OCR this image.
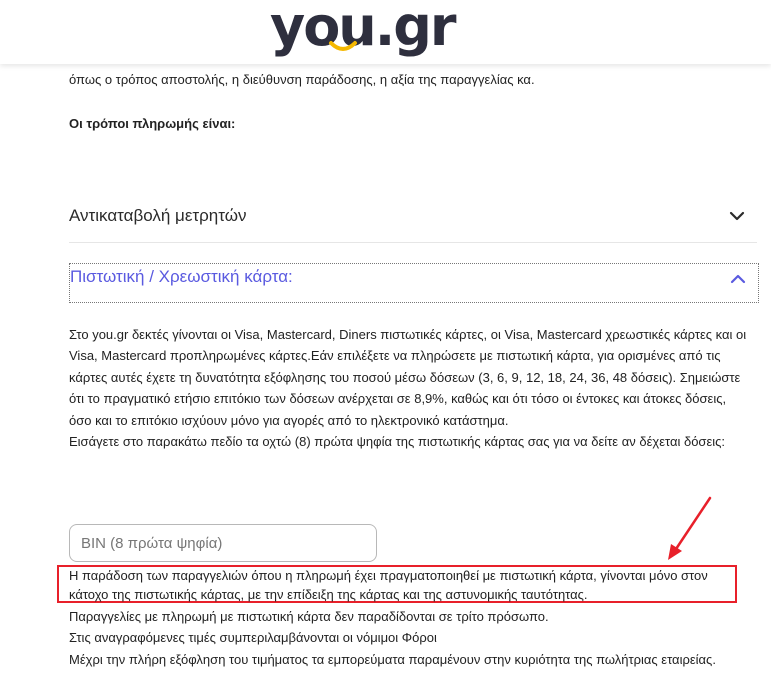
όπως ο τρόπος αποστολής, η διεύθυνση παράδοσης, η αξία της παραγγελίας κα.
Οι τρόποι πληρωμής είναι:
you . gr
Αντικαταβολή μετρητών
Πιστωτική / Χρεωστική κάρτα:
Στο you.gr δεκτές γίνονται οι Visa, Mastercard, Diners πιστωτικές κάρτες, οι Visa, Mastercard χρεωστικές κάρτες και οι Visa, Mastercard προπληρωμένες κάρτες.Εάν επιλέξετε να πληρώσετε με πιστωτική κάρτα, για ορισμένες από τις κάρτες αυτές έχετε τη δυνατότητα εξόφλησης του ποσού μέσω δόσεων (3, 6, 9, 12, 18, 24, 36, 48 δόσεις). Σημειώστε ότι το πραγματικό ετήσιο επιτόκιο των δόσεων ανέρχεται σε 8,9%, καθώς και ότι τόσο οι έντοκες και άτοκες δόσεις, όσο και το επιτόκιο ισχύουν μόνο για αγορές από το ηλεκτρονικό κατάστημα.
Εισάγετε στο παρακάτω πεδίο τα οχτώ (8) πρώτα ψηφία της πιστωτικής κάρτας σας για να δείτε αν δέχεται δόσεις:
BIN (8 πρώτα ψηφία)
Η παράδοση των παραγγελιών όπου η πληρωμή έχει πραγματοποιηθεί με πιστωτική κάρτα, γίνονται μόνο στον κάτοχο της πιστωτικής κάρτας, με την επίδειξη της κάρτας και της αστυνομικής ταυτότητας.
Παραγγελίες με πληρωμή με πιστωτική κάρτα δεν παραδίδονται σε τρίτο πρόσωπο.
Στις αναγραφόμενες τιμές συμπεριλαμβάνονται οι νόμιμοι Φόροι
Μέχρι την πλήρη εξόφληση του τιμήματος τα εμπορεύματα παραμένουν στην κυριότητα της πωλήτριας εταιρείας.
